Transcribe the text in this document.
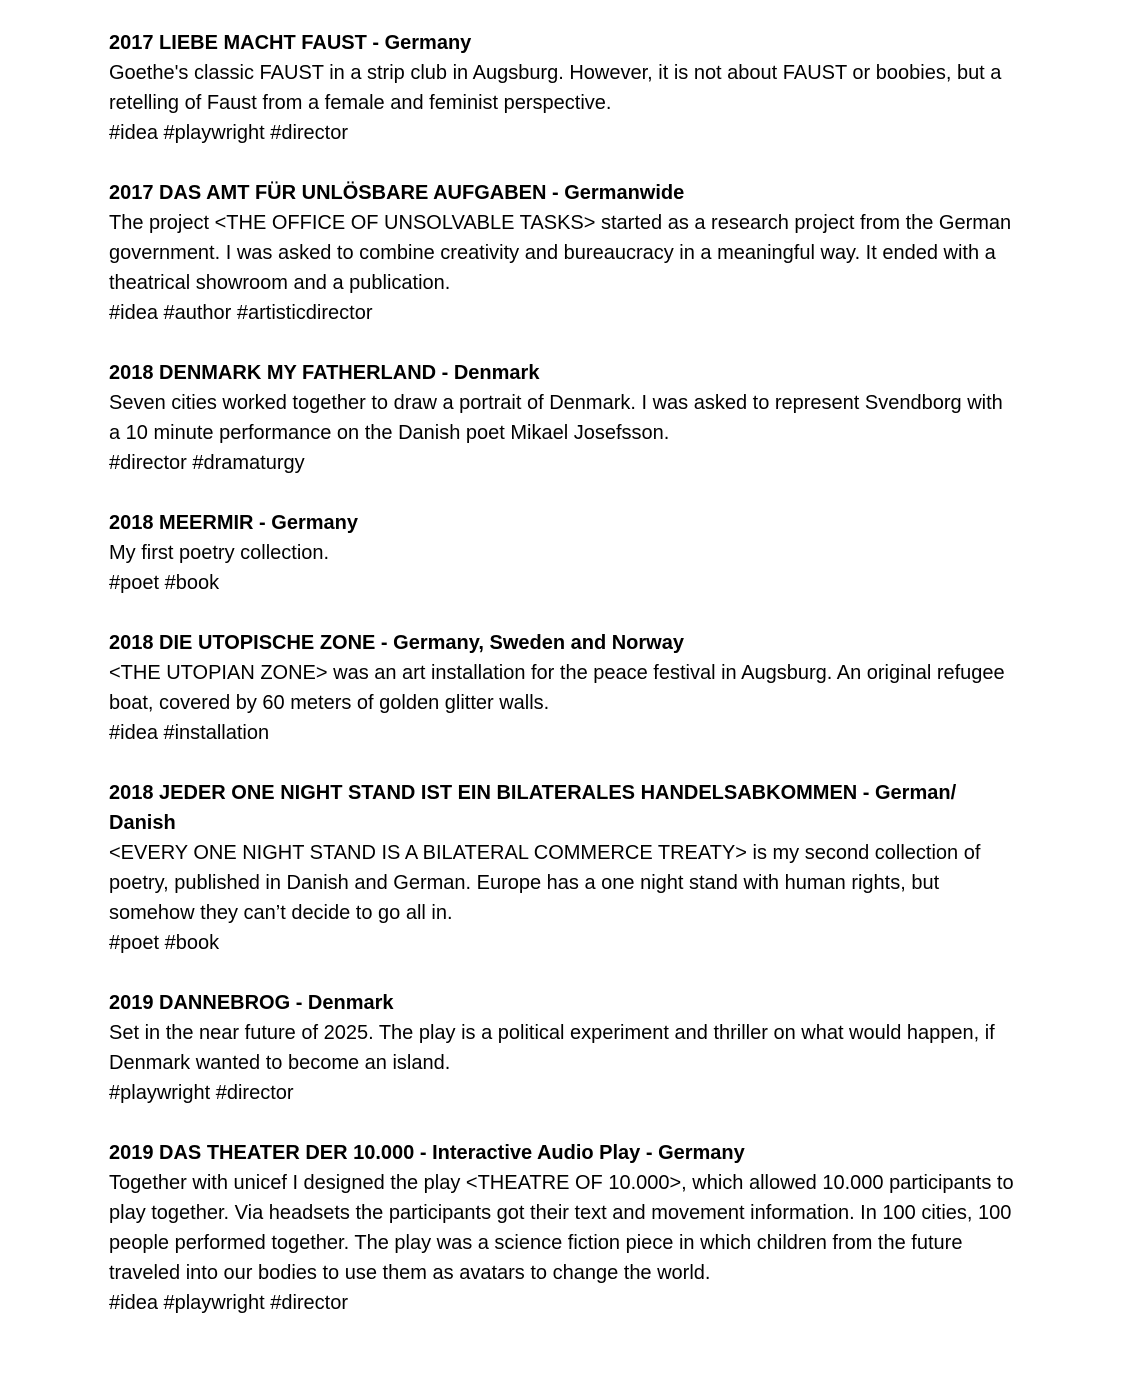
2017 LIEBE MACHT FAUST - Germany

Goethe's classic FAUST in a strip club in Augsburg. However, it is not about FAUST or boobies, but a retelling of Faust from a female and feminist perspective.

#idea #playwright #director

2017 DAS AMT FÜR UNLÖSBARE AUFGABEN - Germanwide

The project <THE OFFICE OF UNSOLVABLE TASKS> started as a research project from the German government. I was asked to combine creativity and bureaucracy in a meaningful way. It ended with a theatrical showroom and a publication.

#idea #author #artisticdirector

2018 DENMARK MY FATHERLAND - Denmark

Seven cities worked together to draw a portrait of Denmark. I was asked to represent Svendborg with a 10 minute performance on the Danish poet Mikael Josefsson.

#director #dramaturgy

2018 MEERMIR - Germany

My first poetry collection.

#poet #book

2018 DIE UTOPISCHE ZONE - Germany, Sweden and Norway

<THE UTOPIAN ZONE> was an art installation for the peace festival in Augsburg. An original refugee boat, covered by 60 meters of golden glitter walls.

#idea #installation

2018 JEDER ONE NIGHT STAND IST EIN BILATERALES HANDELSABKOMMEN - German/ Danish

<EVERY ONE NIGHT STAND IS A BILATERAL COMMERCE TREATY> is my second collection of poetry, published in Danish and German. Europe has a one night stand with human rights, but somehow they can’t decide to go all in.

#poet #book

2019 DANNEBROG - Denmark

Set in the near future of 2025. The play is a political experiment and thriller on what would happen, if Denmark wanted to become an island.

#playwright #director

2019 DAS THEATER DER 10.000 - Interactive Audio Play - Germany

Together with unicef I designed the play <THEATRE OF 10.000>, which allowed 10.000 participants to play together. Via headsets the participants got their text and movement information. In 100 cities, 100 people performed together. The play was a science fiction piece in which children from the future traveled into our bodies to use them as avatars to change the world.

#idea #playwright #director
